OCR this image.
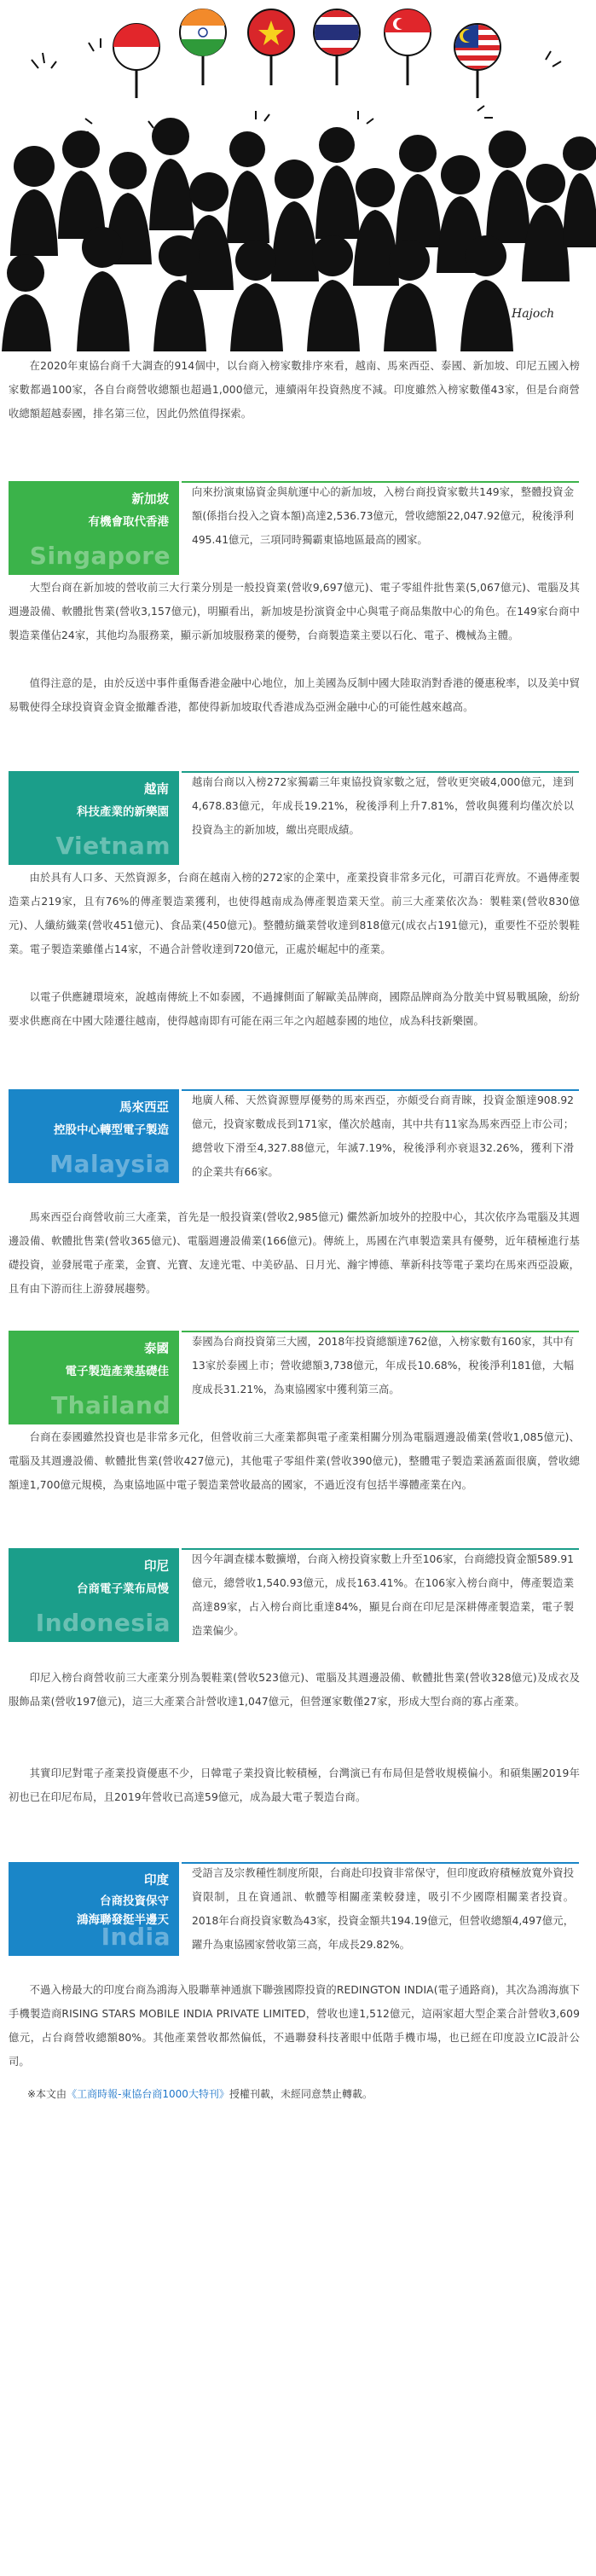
Hajoch

在2020年東協台商千大調查的914個中，以台商入榜家數排序來看，越南、馬來西亞、泰國、新加坡、印尼五國入榜家數都過100家，各自台商營收總額也超過1,000億元，連續兩年投資熱度不減。印度雖然入榜家數僅43家，但是台商營收總額超越泰國，排名第三位，因此仍然值得探索。

新加坡
有機會取代香港
Singapore

向來扮演東協資金與航運中心的新加坡，入榜台商投資家數共149家，整體投資金額(係指台投入之資本額)高達2,536.73億元，營收總額22,047.92億元，稅後淨利495.41億元，三項同時獨霸東協地區最高的國家。

大型台商在新加坡的營收前三大行業分別是一般投資業(營收9,697億元)、電子零組件批售業(5,067億元)、電腦及其週邊設備、軟體批售業(營收3,157億元)，明顯看出，新加坡是扮演資金中心與電子商品集散中心的角色。在149家台商中製造業僅佔24家，其他均為服務業，顯示新加坡服務業的優勢，台商製造業主要以石化、電子、機械為主體。

值得注意的是，由於反送中事件重傷香港金融中心地位，加上美國為反制中國大陸取消對香港的優惠稅率，以及美中貿易戰使得全球投資資金資金撤離香港，都使得新加坡取代香港成為亞洲金融中心的可能性越來越高。

越南
科技產業的新樂園
Vietnam

越南台商以入榜272家獨霸三年東協投資家數之冠，營收更突破4,000億元，達到4,678.83億元，年成長19.21%，稅後淨利上升7.81%，營收與獲利均僅次於以投資為主的新加坡，繳出亮眼成績。

由於具有人口多、天然資源多，台商在越南入榜的272家的企業中，產業投資非常多元化，可謂百花齊放。不過傳產製造業占219家，且有76%的傳產製造業獲利，也使得越南成為傳產製造業天堂。前三大產業依次為：製鞋業(營收830億元)、人纖紡織業(營收451億元)、食品業(450億元)。整體紡織業營收達到818億元(成衣占191億元)，重要性不亞於製鞋業。電子製造業雖僅占14家，不過合計營收達到720億元，正處於崛起中的產業。

以電子供應鏈環境來，說越南傳統上不如泰國，不過據側面了解歐美品牌商，國際品牌商為分散美中貿易戰風險，紛紛要求供應商在中國大陸遷往越南，使得越南即有可能在兩三年之內超越泰國的地位，成為科技新樂園。

馬來西亞
控股中心轉型電子製造
Malaysia

地廣人稀、天然資源豐厚優勢的馬來西亞，亦頗受台商青睞，投資金額達908.92億元，投資家數成長到171家，僅次於越南，其中共有11家為馬來西亞上市公司；總營收下滑至4,327.88億元，年滅7.19%，稅後淨利亦衰退32.26%，獲利下滑的企業共有66家。

馬來西亞台商營收前三大產業，首先是一般投資業(營收2,985億元) 儼然新加坡外的控股中心，其次依序為電腦及其週邊設備、軟體批售業(營收365億元)、電腦週邊設備業(166億元)。傳統上，馬國在汽車製造業具有優勢，近年積極進行基礎投資，並發展電子產業，金寶、光寶、友達光電、中美矽晶、日月光、瀚宇博德、華新科技等電子業均在馬來西亞設廠，且有由下游而往上游發展趨勢。

泰國
電子製造產業基礎佳
Thailand

泰國為台商投資第三大國，2018年投資總額達762億，入榜家數有160家，其中有13家於泰國上市；營收總額3,738億元，年成長10.68%，稅後淨利181億，大幅度成長31.21%，為東協國家中獲利第三高。

台商在泰國雖然投資也是非常多元化，但營收前三大產業都與電子產業相關分別為電腦週邊設備業(營收1,085億元)、電腦及其週邊設備、軟體批售業(營收427億元)，其他電子零組件業(營收390億元)，整體電子製造業涵蓋面很廣，營收總額達1,700億元規模，為東協地區中電子製造業營收最高的國家，不過近沒有包括半導體產業在內。

印尼
台商電子業布局慢
Indonesia

因今年調查樣本數擴增，台商入榜投資家數上升至106家，台商總投資金額589.91億元，總營收1,540.93億元，成長163.41%。在106家入榜台商中，傳產製造業高達89家，占入榜台商比重達84%，顯見台商在印尼是深耕傳產製造業，電子製造業偏少。

印尼入榜台商營收前三大產業分別為製鞋業(營收523億元)、電腦及其週邊設備、軟體批售業(營收328億元)及成衣及服飾品業(營收197億元)，這三大產業合計營收達1,047億元，但營運家數僅27家，形成大型台商的寡占產業。

其實印尼對電子產業投資優惠不少，日韓電子業投資比較積極，台灣演已有布局但是營收規模偏小。和碩集團2019年初也已在印尼布局，且2019年營收已高達59億元，成為最大電子製造台商。

印度
台商投資保守
鴻海聯發挺半邊天
India

受語言及宗教種性制度所限，台商赴印投資非常保守，但印度政府積極放寬外資投資限制，且在資通訊、軟體等相關產業較發達，吸引不少國際相關業者投資。2018年台商投資家數為43家，投資金額共194.19億元，但營收總額4,497億元，躍升為東協國家營收第三高，年成長29.82%。

不過入榜最大的印度台商為鴻海入股聯華神通旗下聯強國際投資的REDINGTON INDIA(電子通路商)，其次為鴻海旗下手機製造商RISING STARS MOBILE INDIA PRIVATE LIMITED，營收也達1,512億元，這兩家超大型企業合計營收3,609億元，占台商營收總額80%。其他產業營收都然偏低，不過聯發科技著眼中低階手機市場，也已經在印度設立IC設計公司。

※本文由《工商時報-東協台商1000大特刊》授權刊載，未經同意禁止轉載。
